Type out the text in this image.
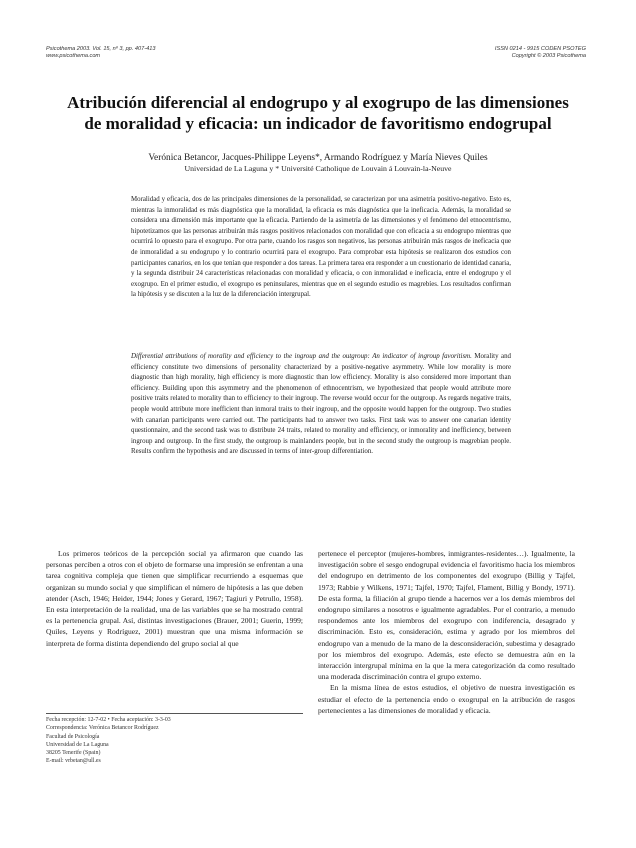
Psicothema 2003. Vol. 15, nº 3, pp. 407-413
www.psicothema.com
ISSN 0214 - 9915 CODEN PSOTEG
Copyright © 2003 Psicothema
Atribución diferencial al endogrupo y al exogrupo de las dimensiones
de moralidad y eficacia: un indicador de favoritismo endogrupal
Verónica Betancor, Jacques-Philippe Leyens*, Armando Rodríguez y María Nieves Quiles
Universidad de La Laguna y * Université Catholique de Louvain á Louvain-la-Neuve

Moralidad y eficacia, dos de las principales dimensiones de la personalidad, se caracterizan por una asimetría positivo-negativo. Esto es, mientras la inmoralidad es más diagnóstica que la moralidad, la eficacia es más diagnóstica que la ineficacia. Además, la moralidad se considera una dimensión más importante que la eficacia. Partiendo de la asimetría de las dimensiones y el fenómeno del etnocentrismo, hipotetizamos que las personas atribuirán más rasgos positivos relacionados con moralidad que con eficacia a su endogrupo mientras que ocurrirá lo opuesto para el exogrupo. Por otra parte, cuando los rasgos son negativos, las personas atribuirán más rasgos de ineficacia que de inmoralidad a su endogrupo y lo contrario ocurrirá para el exogrupo. Para comprobar esta hipótesis se realizaron dos estudios con participantes canarios, en los que tenían que responder a dos tareas. La primera tarea era responder a un cuestionario de identidad canaria, y la segunda distribuir 24 características relacionadas con moralidad y eficacia, o con inmoralidad e ineficacia, entre el endogrupo y el exogrupo. En el primer estudio, el exogrupo es peninsulares, mientras que en el segundo estudio es magrebíes. Los resultados confirman la hipótesis y se discuten a la luz de la diferenciación intergrupal.

Differential attributions of morality and efficiency to the ingroup and the outgroup: An indicator of ingroup favoritism. Morality and efficiency constitute two dimensions of personality characterized by a positive-negative asymmetry. While low morality is more diagnostic than high morality, high efficiency is more diagnostic than low efficiency. Morality is also considered more important than efficiency. Building upon this asymmetry and the phenomenon of ethnocentrism, we hypothesized that people would attribute more positive traits related to morality than to efficiency to their ingroup. The reverse would occur for the outgroup. As regards negative traits, people would attribute more inefficient than inmoral traits to their ingroup, and the opposite would happen for the outgroup. Two studies with canarian participants were carried out. The participants had to answer two tasks. First task was to answer one canarian identity questionnaire, and the second task was to distribute 24 traits, related to morality and efficiency, or inmorality and inefficiency, between ingroup and outgroup. In the first study, the outgroup is mainlanders people, but in the second study the outgroup is magrebian people. Results confirm the hypothesis and are discussed in terms of inter-group differentiation.

Los primeros teóricos de la percepción social ya afirmaron que cuando las personas perciben a otros con el objeto de formarse una impresión se enfrentan a una tarea cognitiva compleja que tienen que simplificar recurriendo a esquemas que organizan su mundo social y que simplifican el número de hipótesis a las que deben atender (Asch, 1946; Heider, 1944; Jones y Gerard, 1967; Tagiuri y Petrullo, 1958). En esta interpretación de la realidad, una de las variables que se ha mostrado central es la pertenencia grupal. Así, distintas investigaciones (Brauer, 2001; Guerin, 1999; Quiles, Leyens y Rodríguez, 2001) muestran que una misma información se interpreta de forma distinta dependiendo del grupo social al que

pertenece el perceptor (mujeres-hombres, inmigrantes-residentes…). Igualmente, la investigación sobre el sesgo endogrupal evidencia el favoritismo hacia los miembros del endogrupo en detrimento de los componentes del exogrupo (Billig y Tajfel, 1973; Rabbie y Wilkens, 1971; Tajfel, 1970; Tajfel, Flament, Billig y Bondy, 1971). De esta forma, la filiación al grupo tiende a hacernos ver a los demás miembros del endogrupo similares a nosotros e igualmente agradables. Por el contrario, a menudo respondemos ante los miembros del exogrupo con indiferencia, desagrado y discriminación. Esto es, consideración, estima y agrado por los miembros del endogrupo van a menudo de la mano de la desconsideración, subestima y desagrado por los miembros del exogrupo. Además, este efecto se demuestra aún en la interacción intergrupal mínima en la que la mera categorización da como resultado una moderada discriminación contra el grupo externo.

En la misma línea de estos estudios, el objetivo de nuestra investigación es estudiar el efecto de la pertenencia endo o exogrupal en la atribución de rasgos pertenecientes a las dimensiones de moralidad y eficacia.

Fecha recepción: 12-7-02 • Fecha aceptación: 3-3-03
Correspondencia: Verónica Betancor Rodríguez
Facultad de Psicología
Universidad de La Laguna
38205 Tenerife (Spain)
E-mail: vrbetan@ull.es
